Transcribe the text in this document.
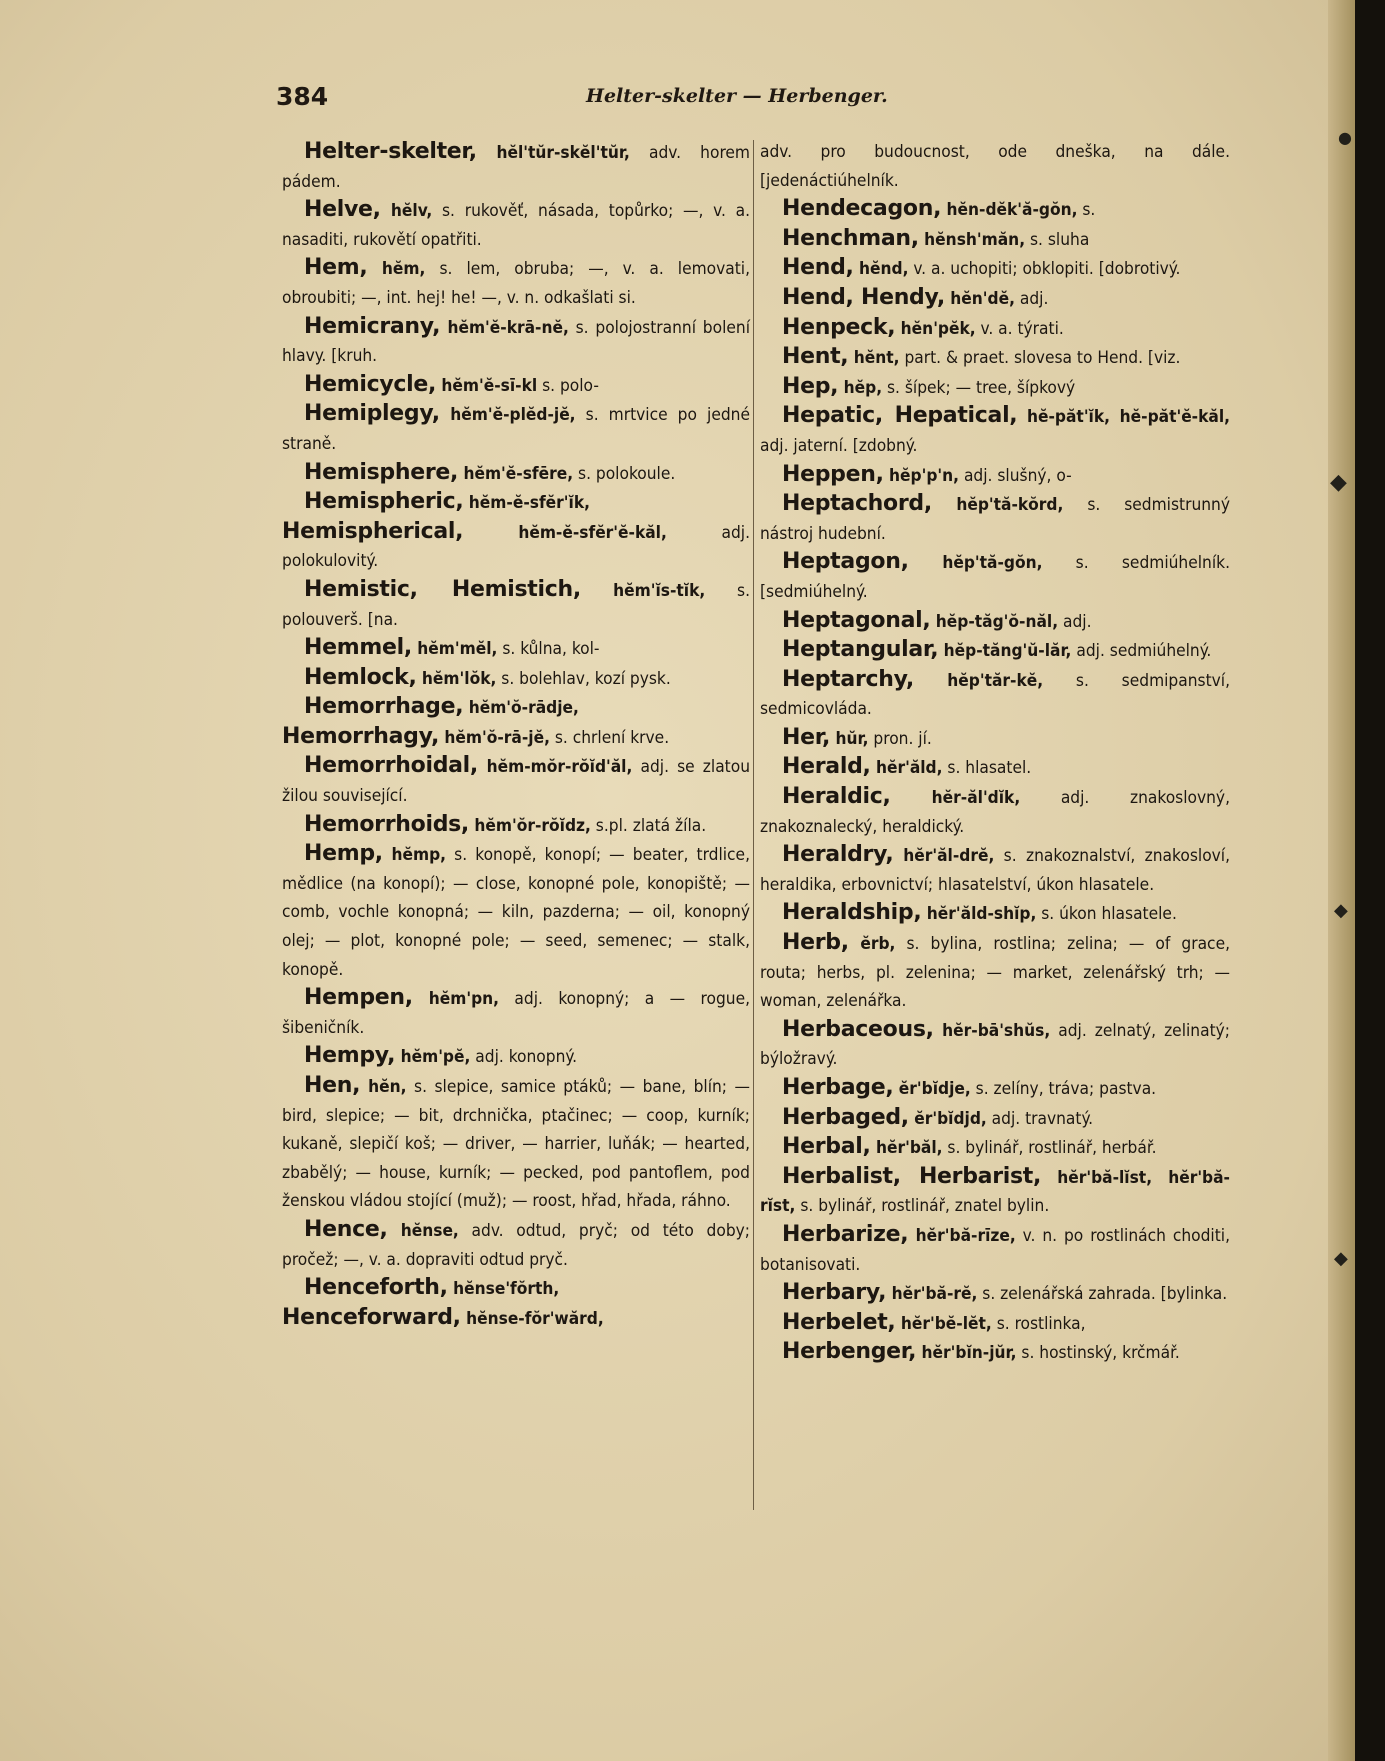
384	Helter-skelter — Herbenger.

Helter-skelter, hĕl'tŭr-skĕl'tŭr, adv. horem pádem.

Helve, hĕlv, s. rukověť, násada, topůrko; —, v. a. nasaditi, rukovětí opatřiti.

Hem, hĕm, s. lem, obruba; —, v. a. lemovati, obroubiti; —, int. hej! he! —, v. n. odkašlati si.

Hemicrany, hĕm'ĕ-krā-nĕ, s. polojostranní bolení hlavy. [kruh.

Hemicycle, hĕm'ĕ-sī-kl s. polo-

Hemiplegy, hĕm'ĕ-plĕd-jĕ, s. mrtvice po jedné straně.

Hemisphere, hĕm'ĕ-sfēre, s. polokoule.

Hemispheric, hĕm-ĕ-sfĕr'ĭk,

Hemispherical, hĕm-ĕ-sfĕr'ĕ-kăl, adj. polokulovitý.

Hemistic, Hemistich, hĕm'ĭs-tĭk, s. polouverš. [na.

Hemmel, hĕm'mĕl, s. kůlna, kol-

Hemlock, hĕm'lŏk, s. bolehlav, kozí pysk.

Hemorrhage, hĕm'ŏ-rādje,

Hemorrhagy, hĕm'ŏ-rā-jĕ, s. chrlení krve.

Hemorrhoidal, hĕm-mŏr-rŏĭd'ăl, adj. se zlatou žilou související.

Hemorrhoids, hĕm'ŏr-rŏĭdz, s.pl. zlatá žíla.

Hemp, hĕmp, s. konopě, konopí; — beater, trdlice, mědlice (na konopí); — close, konopné pole, konopiště; — comb, vochle konopná; — kiln, pazderna; — oil, konopný olej; — plot, konopné pole; — seed, semenec; — stalk, konopě.

Hempen, hĕm'pn, adj. konopný; a — rogue, šibeničník.

Hempy, hĕm'pĕ, adj. konopný.

Hen, hĕn, s. slepice, samice ptáků; — bane, blín; — bird, slepice; — bit, drchnička, ptačinec; — coop, kurník; kukaně, slepičí koš; — driver, — harrier, luňák; — hearted, zbabělý; — house, kurník; — pecked, pod pantoflem, pod ženskou vládou stojící (muž); — roost, hřad, hřada, ráhno.

Hence, hĕnse, adv. odtud, pryč; od této doby; pročež; —, v. a. dopraviti odtud pryč.

Henceforth, hĕnse'fŏrth,

Henceforward, hĕnse-fŏr'wărd,

adv. pro budoucnost, ode dneška, na dále. [jedenáctiúhelník.

Hendecagon, hĕn-dĕk'ă-gŏn, s.

Henchman, hĕnsh'măn, s. sluha

Hend, hĕnd, v. a. uchopiti; obklopiti. [dobrotivý.

Hend, Hendy, hĕn'dĕ, adj.

Henpeck, hĕn'pĕk, v. a. týrati.

Hent, hĕnt, part. & praet. slovesa to Hend. [viz.

Hep, hĕp, s. šípek; — tree, šípkový

Hepatic, Hepatical, hĕ-păt'ĭk, hĕ-păt'ĕ-kăl, adj. jaterní. [zdobný.

Heppen, hĕp'p'n, adj. slušný, o-

Heptachord, hĕp'tă-kŏrd, s. sedmistrunný nástroj hudební.

Heptagon, hĕp'tă-gŏn, s. sedmiúhelník. [sedmiúhelný.

Heptagonal, hĕp-tăg'ŏ-năl, adj.

Heptangular, hĕp-tăng'ŭ-lăr, adj. sedmiúhelný.

Heptarchy, hĕp'tăr-kĕ, s. sedmipanství, sedmicovláda.

Her, hŭr, pron. jí.

Herald, hĕr'ăld, s. hlasatel.

Heraldic, hĕr-ăl'dĭk, adj. znakoslovný, znakoznalecký, heraldický.

Heraldry, hĕr'ăl-drĕ, s. znakoznalství, znakosloví, heraldika, erbovnictví; hlasatelství, úkon hlasatele.

Heraldship, hĕr'ăld-shĭp, s. úkon hlasatele.

Herb, ĕrb, s. bylina, rostlina; zelina; — of grace, routa; herbs, pl. zelenina; — market, zelenářský trh; — woman, zelenářka.

Herbaceous, hĕr-bā'shŭs, adj. zelnatý, zelinatý; býložravý.

Herbage, ĕr'bĭdje, s. zelíny, tráva; pastva.

Herbaged, ĕr'bĭdjd, adj. travnatý.

Herbal, hĕr'băl, s. bylinář, rostlinář, herbář.

Herbalist, Herbarist, hĕr'bă-lĭst, hĕr'bă-rĭst, s. bylinář, rostlinář, znatel bylin.

Herbarize, hĕr'bă-rīze, v. n. po rostlinách choditi, botanisovati.

Herbary, hĕr'bă-rĕ, s. zelenářská zahrada. [bylinka.

Herbelet, hĕr'bĕ-lĕt, s. rostlinka,

Herbenger, hĕr'bĭn-jŭr, s. hostinský, krčmář.

●
◆
◆
◆
